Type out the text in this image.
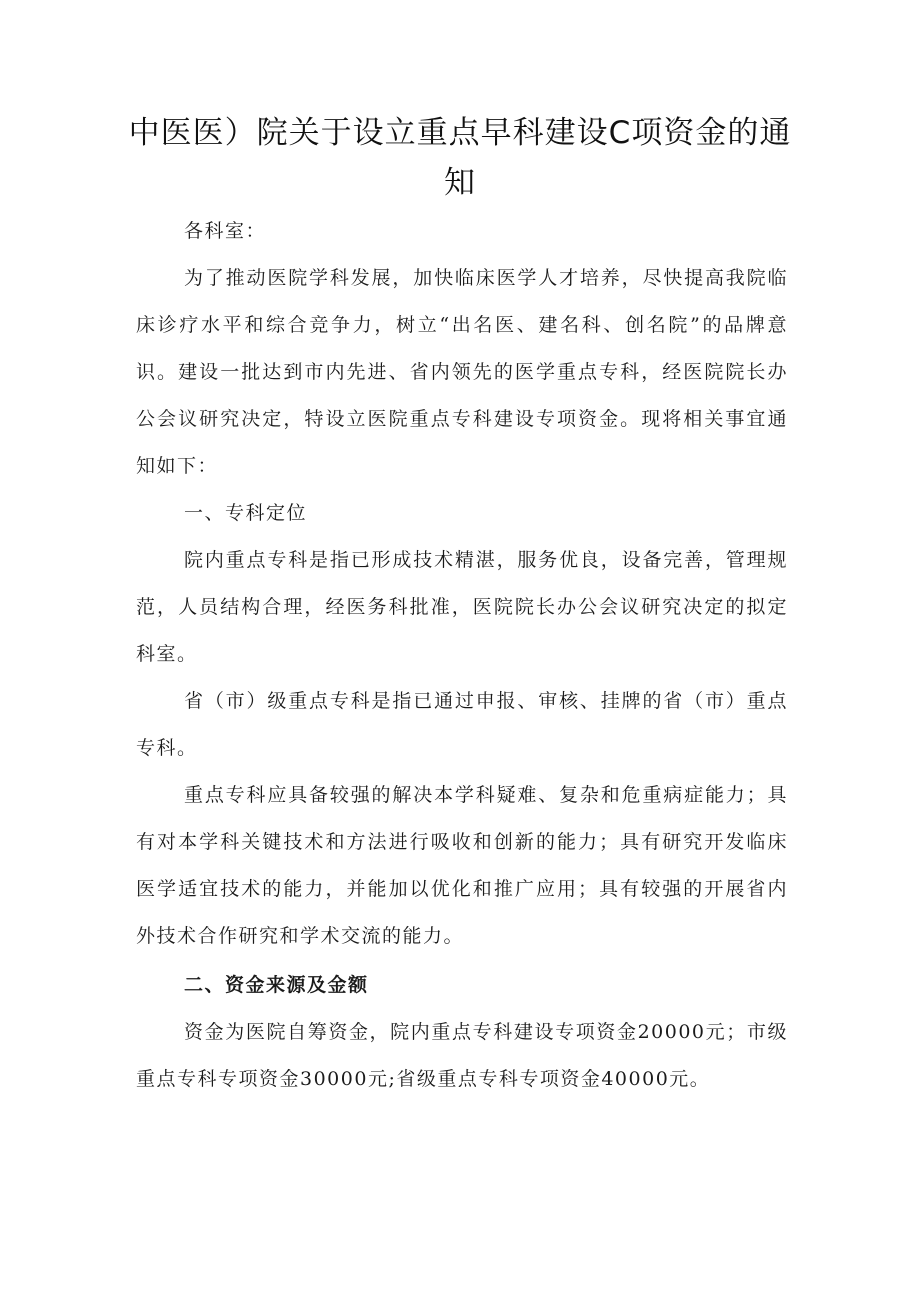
中医医）院关于设立重点早科建设C项资金的通知

各科室：

为了推动医院学科发展，加快临床医学人才培养，尽快提高我院临床诊疗水平和综合竞争力，树立“出名医、建名科、创名院”的品牌意识。建设一批达到市内先进、省内领先的医学重点专科，经医院院长办公会议研究决定，特设立医院重点专科建设专项资金。现将相关事宜通知如下：

一、专科定位

院内重点专科是指已形成技术精湛，服务优良，设备完善，管理规范，人员结构合理，经医务科批准，医院院长办公会议研究决定的拟定科室。

省（市）级重点专科是指已通过申报、审核、挂牌的省（市）重点专科。

重点专科应具备较强的解决本学科疑难、复杂和危重病症能力；具有对本学科关键技术和方法进行吸收和创新的能力；具有研究开发临床医学适宜技术的能力，并能加以优化和推广应用；具有较强的开展省内外技术合作研究和学术交流的能力。

二、资金来源及金额

资金为医院自筹资金，院内重点专科建设专项资金20000元；市级重点专科专项资金30000元;省级重点专科专项资金40000元。
